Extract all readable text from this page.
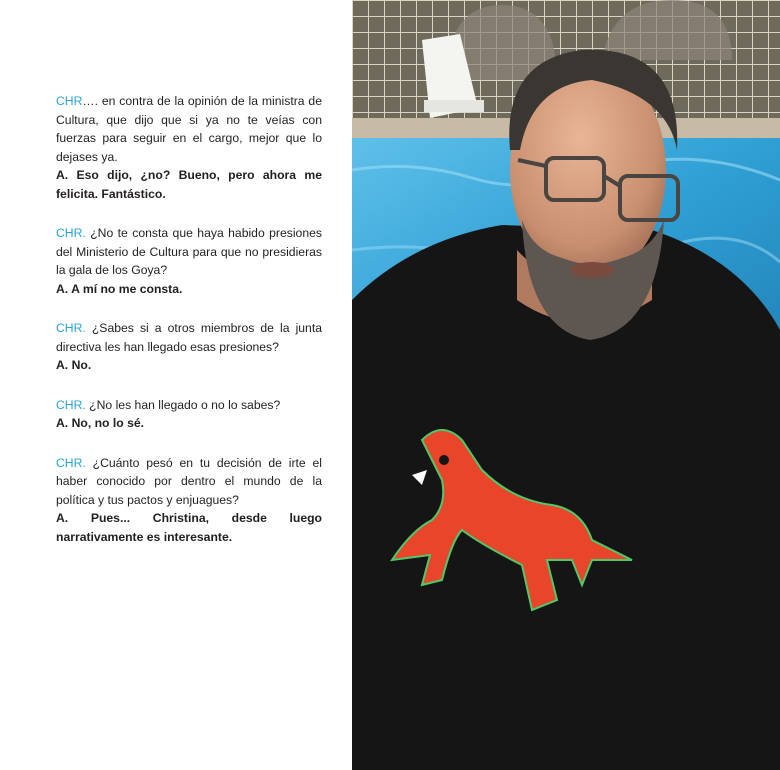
CHR…. en contra de la opinión de la ministra de Cultura, que dijo que si ya no te veías con fuerzas para seguir en el cargo, mejor que lo dejases ya.
A. Eso dijo, ¿no? Bueno, pero ahora me felicita. Fantástico.
CHR. ¿No te consta que haya habido presiones del Ministerio de Cultura para que no presidieras la gala de los Goya?
A. A mí no me consta.
CHR. ¿Sabes si a otros miembros de la junta directiva les han llegado esas presiones?
A. No.
CHR. ¿No les han llegado o no lo sabes?
A. No, no lo sé.
CHR. ¿Cuánto pesó en tu decisión de irte el haber conocido por dentro el mundo de la política y tus pactos y enjuagues?
A. Pues... Christina, desde luego narrativamente es interesante.
